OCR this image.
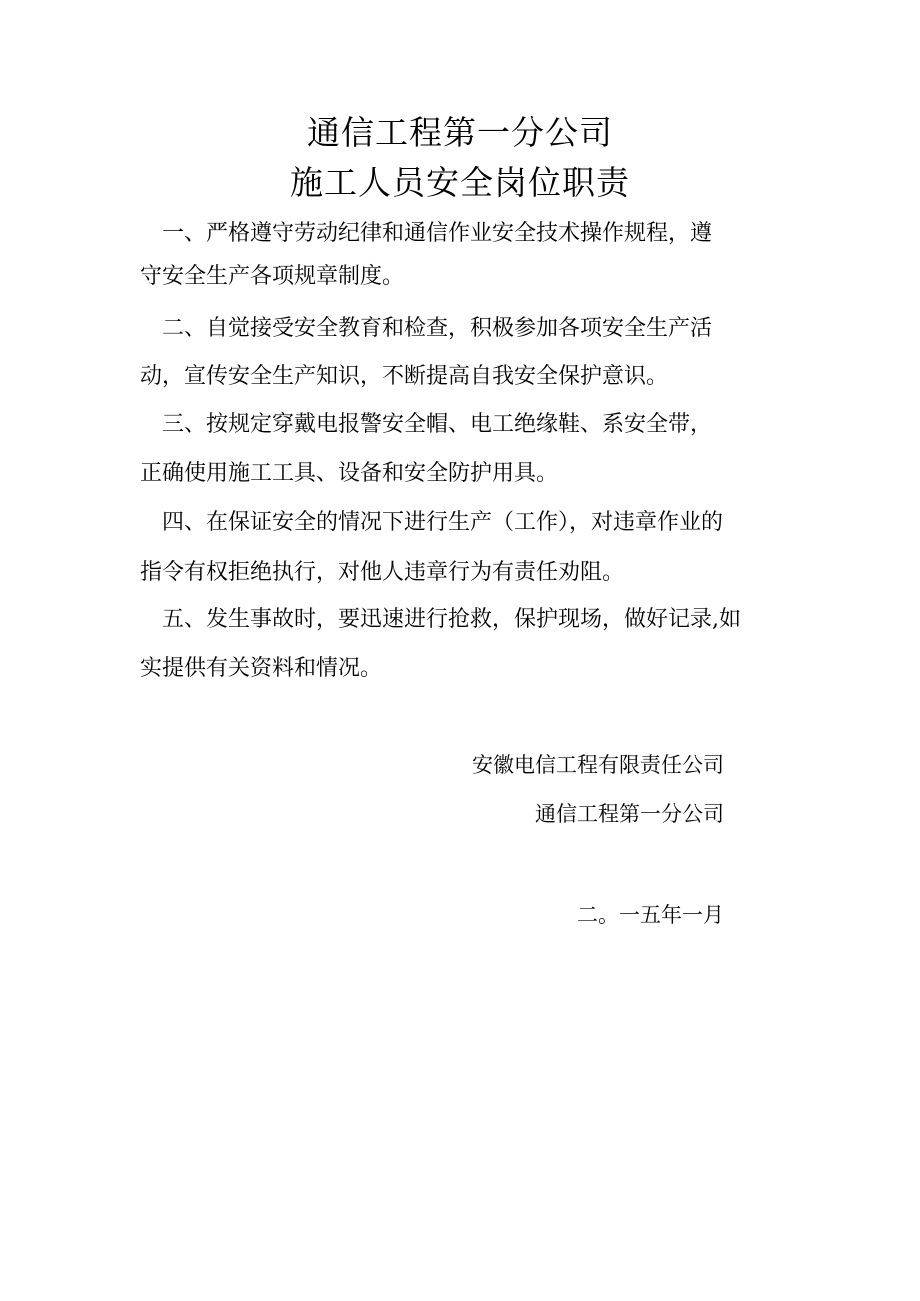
通信工程第一分公司
施工人员安全岗位职责
一、严格遵守劳动纪律和通信作业安全技术操作规程，遵
守安全生产各项规章制度。
二、自觉接受安全教育和检查，积极参加各项安全生产活
动，宣传安全生产知识，不断提高自我安全保护意识。
三、按规定穿戴电报警安全帽、电工绝缘鞋、系安全带，
正确使用施工工具、设备和安全防护用具。
四、在保证安全的情况下进行生产（工作），对违章作业的
指令有权拒绝执行，对他人违章行为有责任劝阻。
五、发生事故时，要迅速进行抢救，保护现场，做好记录,如
实提供有关资料和情况。
安徽电信工程有限责任公司
通信工程第一分公司
二。一五年一月
